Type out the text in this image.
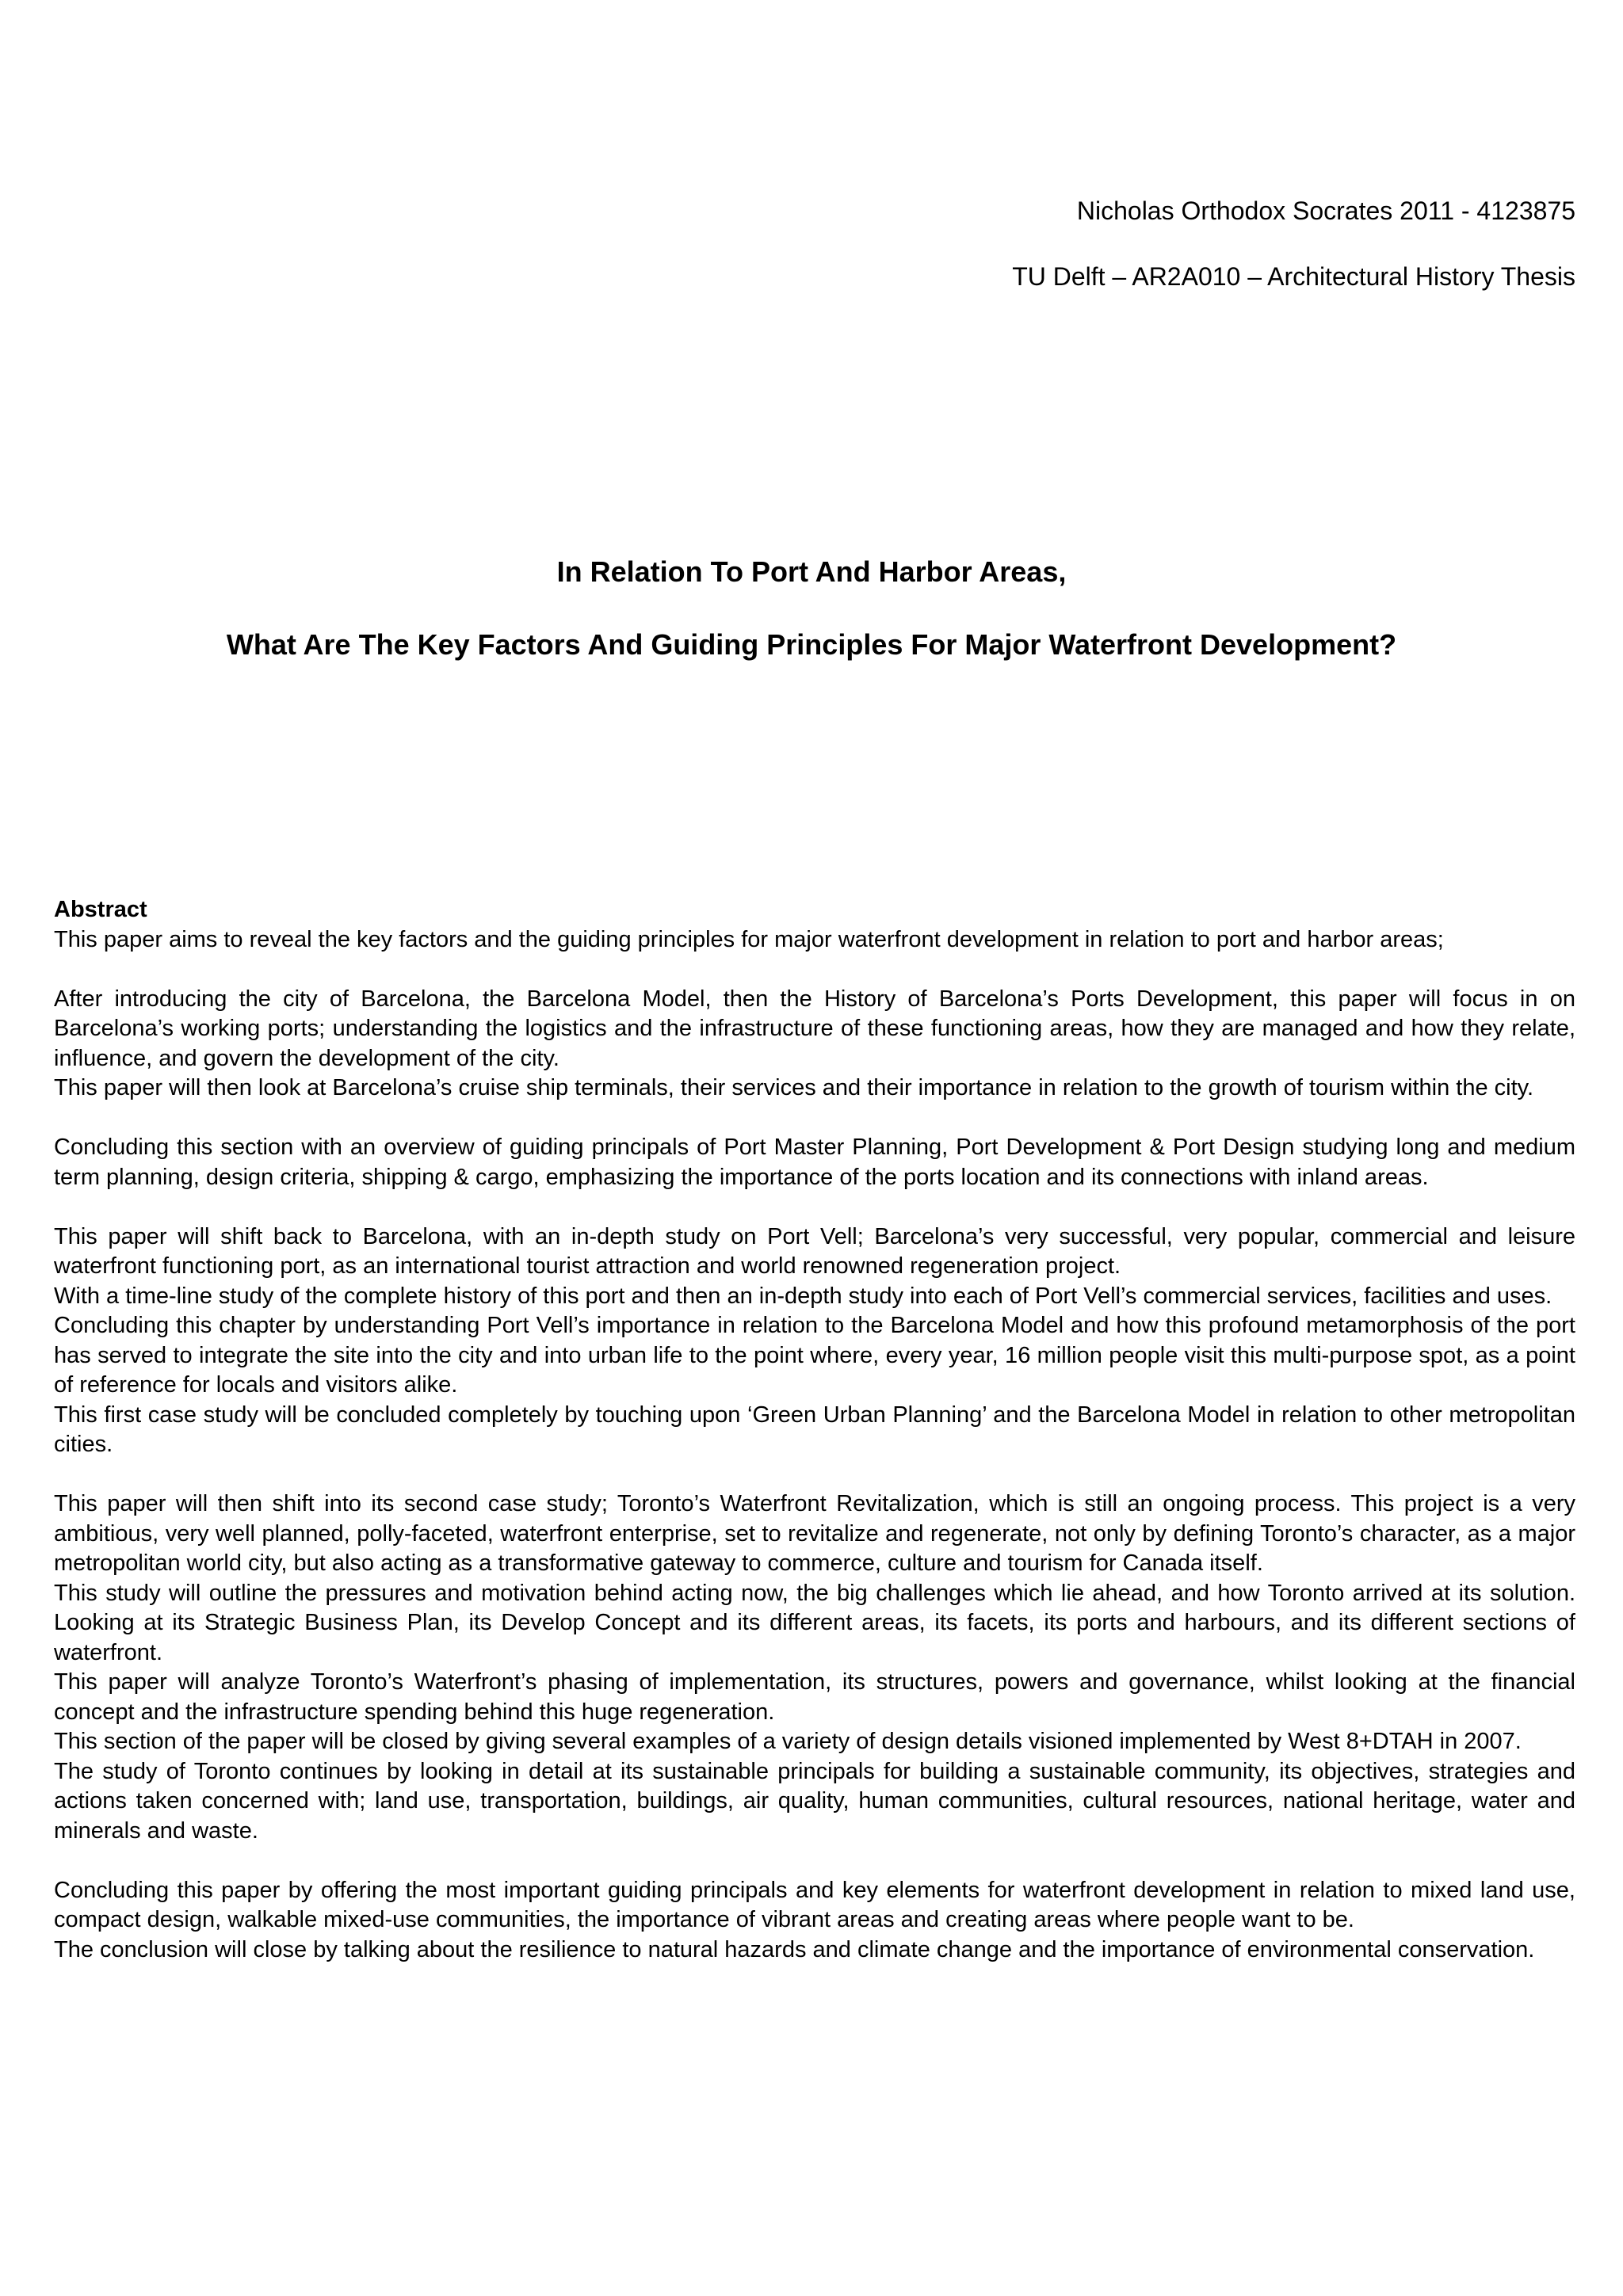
Nicholas Orthodox Socrates 2011 - 4123875
TU Delft – AR2A010 – Architectural History Thesis
In Relation To Port And Harbor Areas,
What Are The Key Factors And Guiding Principles For Major Waterfront Development?
Abstract

This paper aims to reveal the key factors and the guiding principles for major waterfront development in relation to port and harbor areas;

After introducing the city of Barcelona, the Barcelona Model, then the History of Barcelona’s Ports Development, this paper will focus in on Barcelona’s working ports; understanding the logistics and the infrastructure of these functioning areas, how they are managed and how they relate, influence, and govern the development of the city.

This paper will then look at Barcelona’s cruise ship terminals, their services and their importance in relation to the growth of tourism within the city.

Concluding this section with an overview of guiding principals of Port Master Planning, Port Development & Port Design studying long and medium term planning, design criteria, shipping & cargo, emphasizing the importance of the ports location and its connections with inland areas.

This paper will shift back to Barcelona, with an in-depth study on Port Vell; Barcelona’s very successful, very popular, commercial and leisure waterfront functioning port, as an international tourist attraction and world renowned regeneration project.

With a time-line study of the complete history of this port and then an in-depth study into each of Port Vell’s commercial services, facilities and uses.

Concluding this chapter by understanding Port Vell’s importance in relation to the Barcelona Model and how this profound metamorphosis of the port has served to integrate the site into the city and into urban life to the point where, every year, 16 million people visit this multi-purpose spot, as a point of reference for locals and visitors alike.

This first case study will be concluded completely by touching upon ‘Green Urban Planning’ and the Barcelona Model in relation to other metropolitan cities.

This paper will then shift into its second case study; Toronto’s Waterfront Revitalization, which is still an ongoing process. This project is a very ambitious, very well planned, polly-faceted, waterfront enterprise, set to revitalize and regenerate, not only by defining Toronto’s character, as a major metropolitan world city, but also acting as a transformative gateway to commerce, culture and tourism for Canada itself.

This study will outline the pressures and motivation behind acting now, the big challenges which lie ahead, and how Toronto arrived at its solution. Looking at its Strategic Business Plan, its Develop Concept and its different areas, its facets, its ports and harbours, and its different sections of waterfront.

This paper will analyze Toronto’s Waterfront’s phasing of implementation, its structures, powers and governance, whilst looking at the financial concept and the infrastructure spending behind this huge regeneration.

This section of the paper will be closed by giving several examples of a variety of design details visioned implemented by West 8+DTAH in 2007.

The study of Toronto continues by looking in detail at its sustainable principals for building a sustainable community, its objectives, strategies and actions taken concerned with; land use, transportation, buildings, air quality, human communities, cultural resources, national heritage, water and minerals and waste.

Concluding this paper by offering the most important guiding principals and key elements for waterfront development in relation to mixed land use, compact design, walkable mixed-use communities, the importance of vibrant areas and creating areas where people want to be.

The conclusion will close by talking about the resilience to natural hazards and climate change and the importance of environmental conservation.
